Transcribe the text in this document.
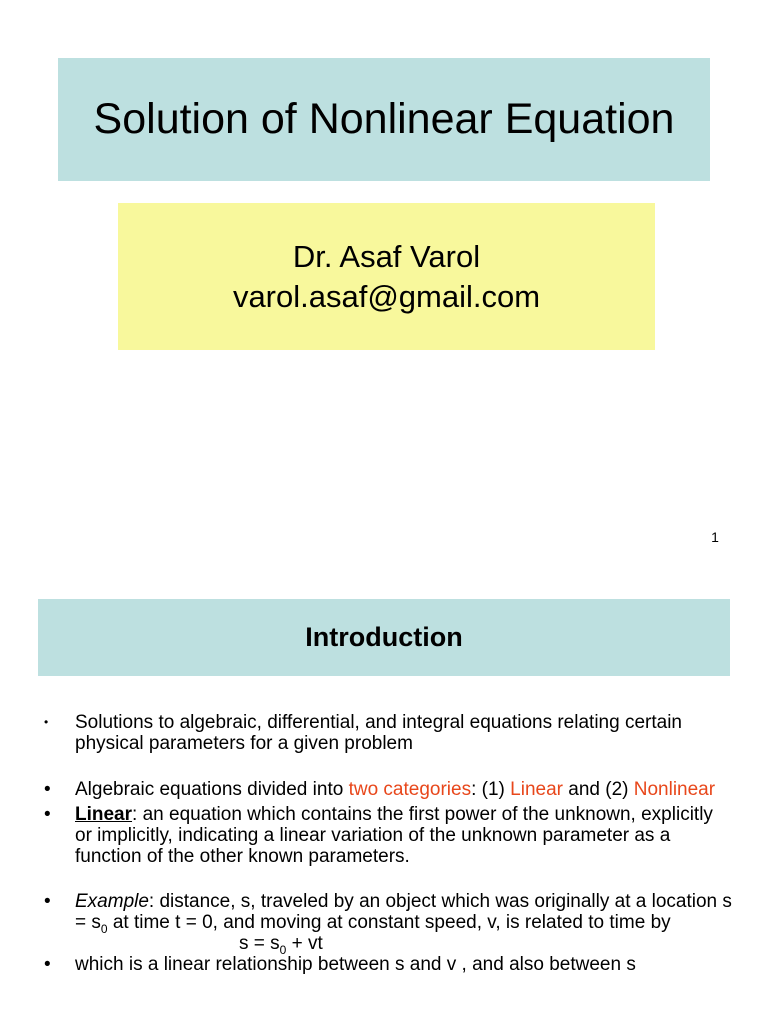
Solution of Nonlinear Equation
Dr. Asaf Varol
varol.asaf@gmail.com
1
Introduction
• Solutions to algebraic, differential, and integral equations relating certain physical parameters for a given problem
• Algebraic equations divided into two categories: (1) Linear and (2) Nonlinear
• Linear: an equation which contains the first power of the unknown, explicitly or implicitly, indicating a linear variation of the unknown parameter as a function of the other known parameters.
• Example: distance, s, traveled by an object which was originally at a location $s = s_0$ at time t = 0, and moving at constant speed, v, is related to time by
$s = s_0$ + vt
• which is a linear relationship between s and v , and also between s
